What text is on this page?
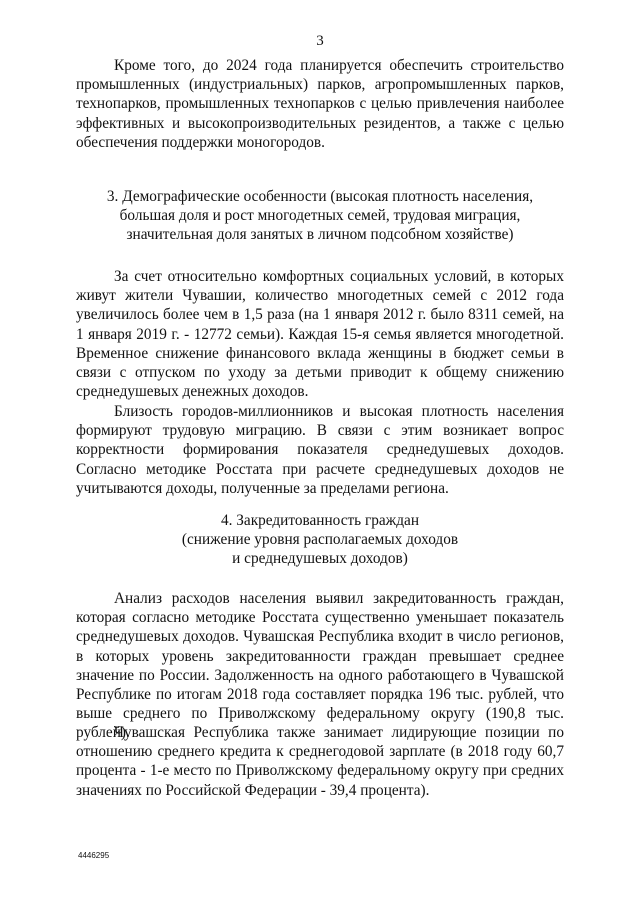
3

Кроме того, до 2024 года планируется обеспечить строительство промышленных (индустриальных) парков, агропромышленных парков, технопарков, промышленных технопарков с целью привлечения наиболее эффективных и высокопроизводительных резидентов, а также с целью обеспечения поддержки моногородов.

3. Демографические особенности (высокая плотность населения,
большая доля и рост многодетных семей, трудовая миграция,
значительная доля занятых в личном подсобном хозяйстве)

За счет относительно комфортных социальных условий, в которых живут жители Чувашии, количество многодетных семей с 2012 года увеличилось более чем в 1,5 раза (на 1 января 2012 г. было 8311 семей, на 1 января 2019 г. - 12772 семьи). Каждая 15-я семья является многодетной. Временное снижение финансового вклада женщины в бюджет семьи в связи с отпуском по уходу за детьми приводит к общему снижению среднедушевых денежных доходов.

Близость городов-миллионников и высокая плотность населения формируют трудовую миграцию. В связи с этим возникает вопрос корректности формирования показателя среднедушевых доходов. Согласно методике Росстата при расчете среднедушевых доходов не учитываются доходы, полученные за пределами региона.

4. Закредитованность граждан
(снижение уровня располагаемых доходов
и среднедушевых доходов)

Анализ расходов населения выявил закредитованность граждан, которая согласно методике Росстата существенно уменьшает показатель среднедушевых доходов. Чувашская Республика входит в число регионов, в которых уровень закредитованности граждан превышает среднее значение по России. Задолженность на одного работающего в Чувашской Республике по итогам 2018 года составляет порядка 196 тыс. рублей, что выше среднего по Приволжскому федеральному округу (190,8 тыс. рублей).

Чувашская Республика также занимает лидирующие позиции по отношению среднего кредита к среднегодовой зарплате (в 2018 году 60,7 процента - 1-е место по Приволжскому федеральному округу при средних значениях по Российской Федерации - 39,4 процента).

4446295
